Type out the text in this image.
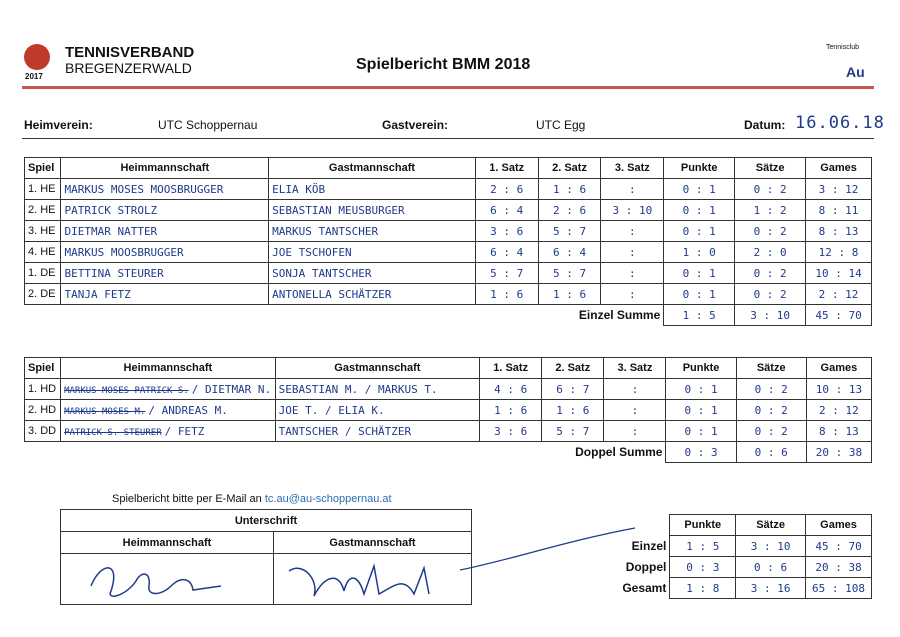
2017
TENNISVERBAND
BREGENZERWALD	Spielbericht BMM 2018
Tennisclub
Au
Heimverein:	UTC Schoppernau	Gastverein:	UTC Egg	Datum: 16.06.18
Spiel	Heimmannschaft	Gastmannschaft	1. Satz	2. Satz	3. Satz	Punkte	Sätze	Games
1. HE	MARKUS MOSES MOOSBRUGGER	ELIA KÖB	2 : 6	1 : 6	:	0 : 1	0 : 2	3 : 12
2. HE	PATRICK STROLZ	SEBASTIAN MEUSBURGER	6 : 4	2 : 6	3 : 10	0 : 1	1 : 2	8 : 11
3. HE	DIETMAR NATTER	MARKUS TANTSCHER	3 : 6	5 : 7	:	0 : 1	0 : 2	8 : 13
4. HE	MARKUS MOOSBRUGGER	JOE TSCHOFEN	6 : 4	6 : 4	:	1 : 0	2 : 0	12 : 8
1. DE	BETTINA STEURER	SONJA TANTSCHER	5 : 7	5 : 7	:	0 : 1	0 : 2	10 : 14
2. DE	TANJA FETZ	ANTONELLA SCHÄTZER	1 : 6	1 : 6	:	0 : 1	0 : 2	2 : 12
Einzel Summe						1 : 5	3 : 10	45 : 70
Spiel	Heimmannschaft	Gastmannschaft	1. Satz	2. Satz	3. Satz	Punkte	Sätze	Games
1. HD	MARKUS MOSES PATRICK S. / DIETMAR N.	SEBASTIAN M. / MARKUS T.	4 : 6	6 : 7	:	0 : 1	0 : 2	10 : 13
2. HD	MARKUS MOSES M. / ANDREAS M.	JOE T. / ELIA K.	1 : 6	1 : 6	:	0 : 1	0 : 2	2 : 12
3. DD	PATRICK S. STEURER / FETZ	TANTSCHER / SCHÄTZER	3 : 6	5 : 7	:	0 : 1	0 : 2	8 : 13
Doppel Summe						0 : 3	0 : 6	20 : 38
Spielbericht bitte per E-Mail an tc.au@au-schoppernau.at
Unterschrift	
Heimmannschaft	Gastmannschaft

	Punkte	Sätze	Games
Einzel	1 : 5	3 : 10	45 : 70
Doppel	0 : 3	0 : 6	20 : 38
Gesamt	1 : 8	3 : 16	65 : 108
